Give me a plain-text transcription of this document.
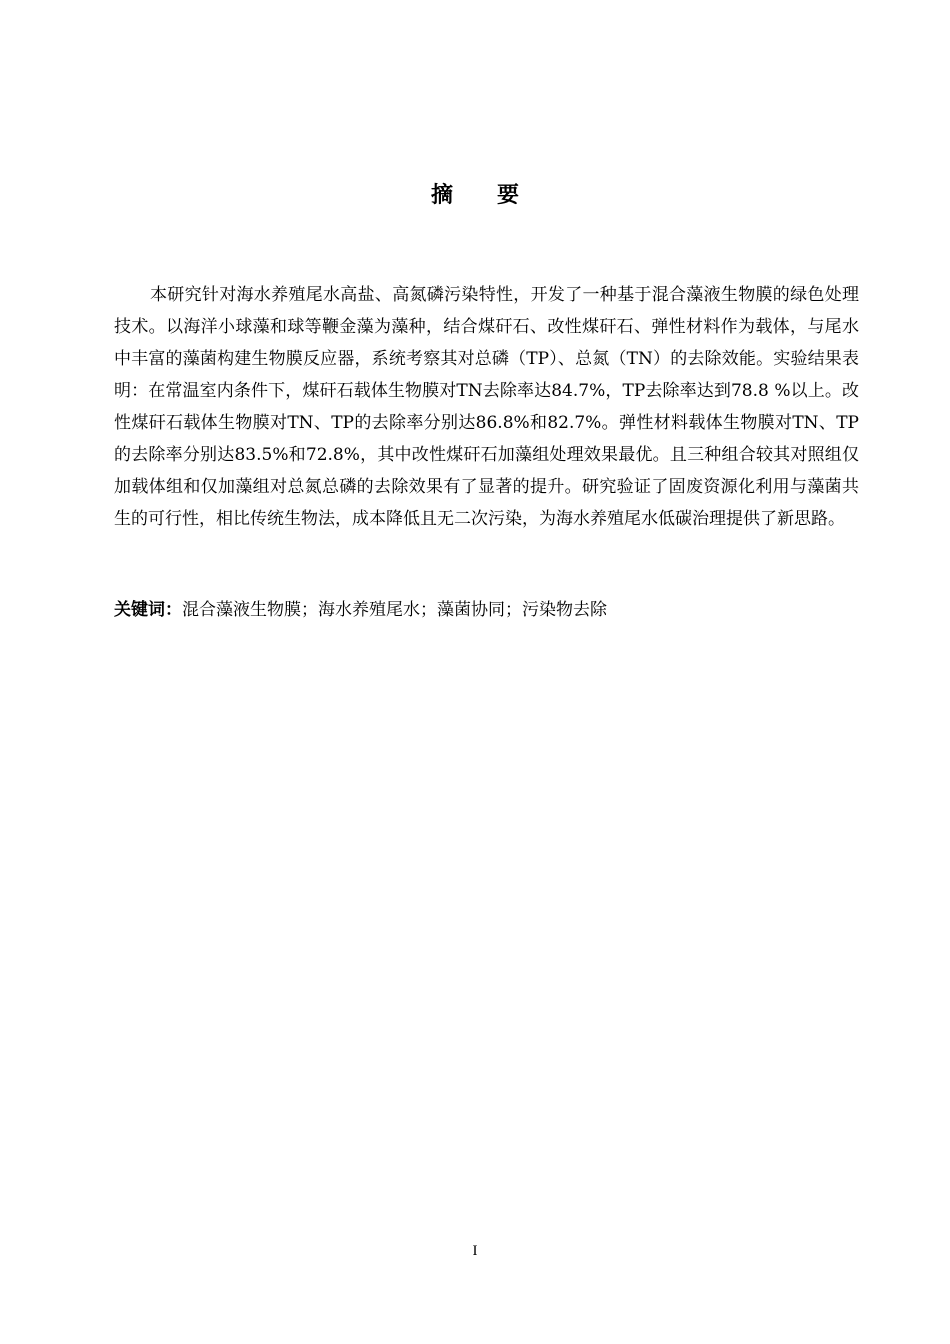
摘 要

本研究针对海水养殖尾水高盐、高氮磷污染特性，开发了一种基于混合藻液生物膜的绿色处理技术。以海洋小球藻和球等鞭金藻为藻种，结合煤矸石、改性煤矸石、弹性材料作为载体，与尾水中丰富的藻菌构建生物膜反应器，系统考察其对总磷（TP）、总氮（TN）的去除效能。实验结果表明：在常温室内条件下，煤矸石载体生物膜对TN去除率达84.7%，TP去除率达到78.8 %以上。改性煤矸石载体生物膜对TN、TP的去除率分别达86.8%和82.7%。弹性材料载体生物膜对TN、TP的去除率分别达83.5%和72.8%，其中改性煤矸石加藻组处理效果最优。且三种组合较其对照组仅加载体组和仅加藻组对总氮总磷的去除效果有了显著的提升。研究验证了固废资源化利用与藻菌共生的可行性，相比传统生物法，成本降低且无二次污染，为海水养殖尾水低碳治理提供了新思路。

关键词：混合藻液生物膜；海水养殖尾水；藻菌协同；污染物去除

I
